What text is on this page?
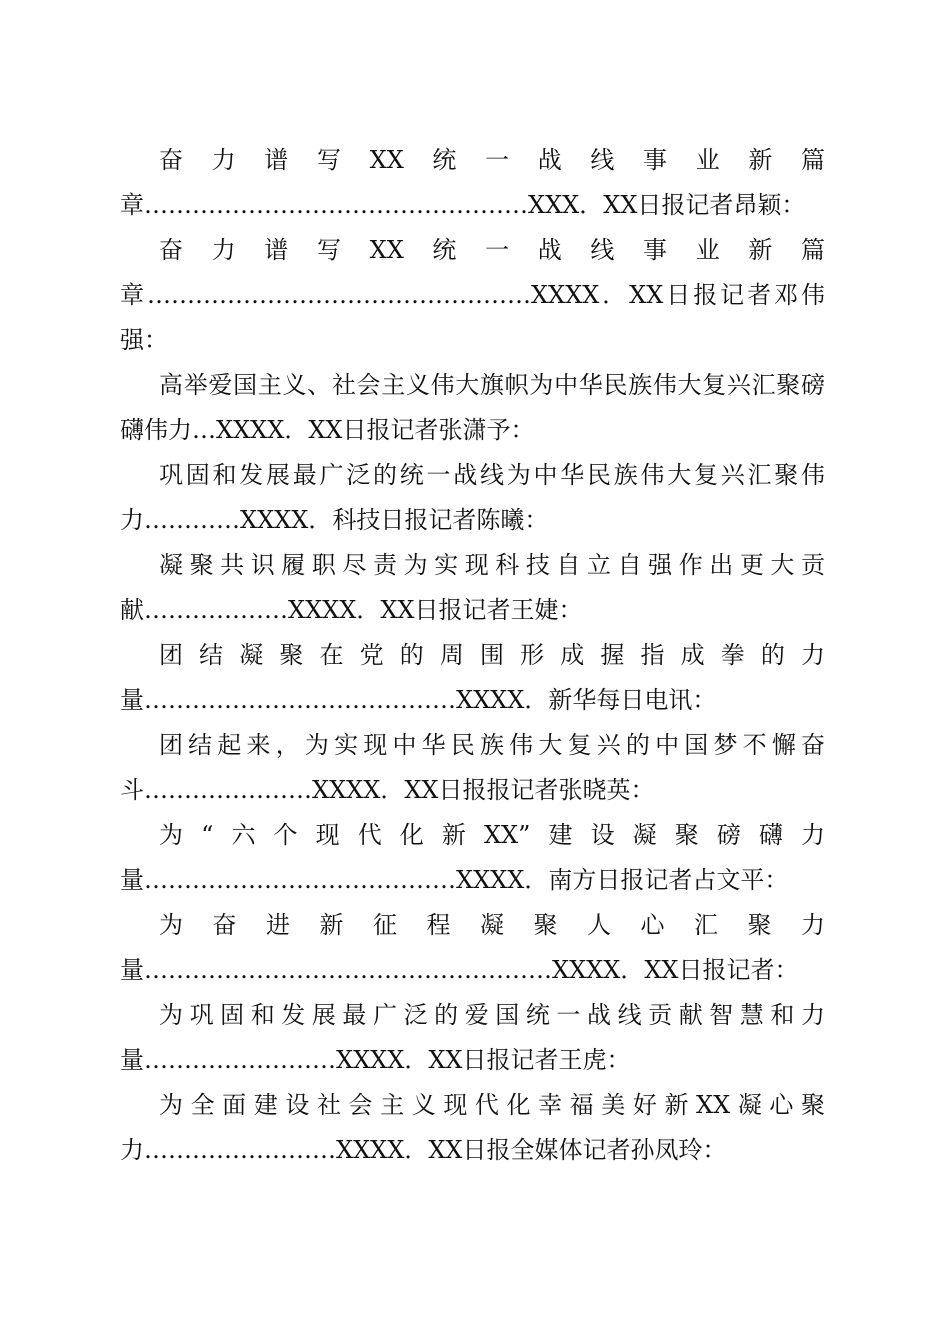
奋力谱写XX统一战线事业新篇章…………………………………………XXX．XX日报记者昂颖：

奋力谱写XX统一战线事业新篇章…………………………………………XXXX．XX日报记者邓伟强：

高举爱国主义、社会主义伟大旗帜为中华民族伟大复兴汇聚磅礴伟力…XXXX．XX日报记者张潇予：

巩固和发展最广泛的统一战线为中华民族伟大复兴汇聚伟力…………XXXX．科技日报记者陈曦：

凝聚共识履职尽责为实现科技自立自强作出更大贡献………………XXXX．XX日报记者王婕：

团结凝聚在党的周围形成握指成拳的力量…………………………………XXXX．新华每日电讯：

团结起来，为实现中华民族伟大复兴的中国梦不懈奋斗…………………XXXX．XX日报报记者张晓英：

为“六个现代化新XX”建设凝聚磅礴力量…………………………………XXXX．南方日报记者占文平：

为奋进新征程凝聚人心汇聚力量……………………………………………XXXX．XX日报记者：

为巩固和发展最广泛的爱国统一战线贡献智慧和力量……………………XXXX．XX日报记者王虎：

为全面建设社会主义现代化幸福美好新XX凝心聚力……………………XXXX．XX日报全媒体记者孙凤玲：
